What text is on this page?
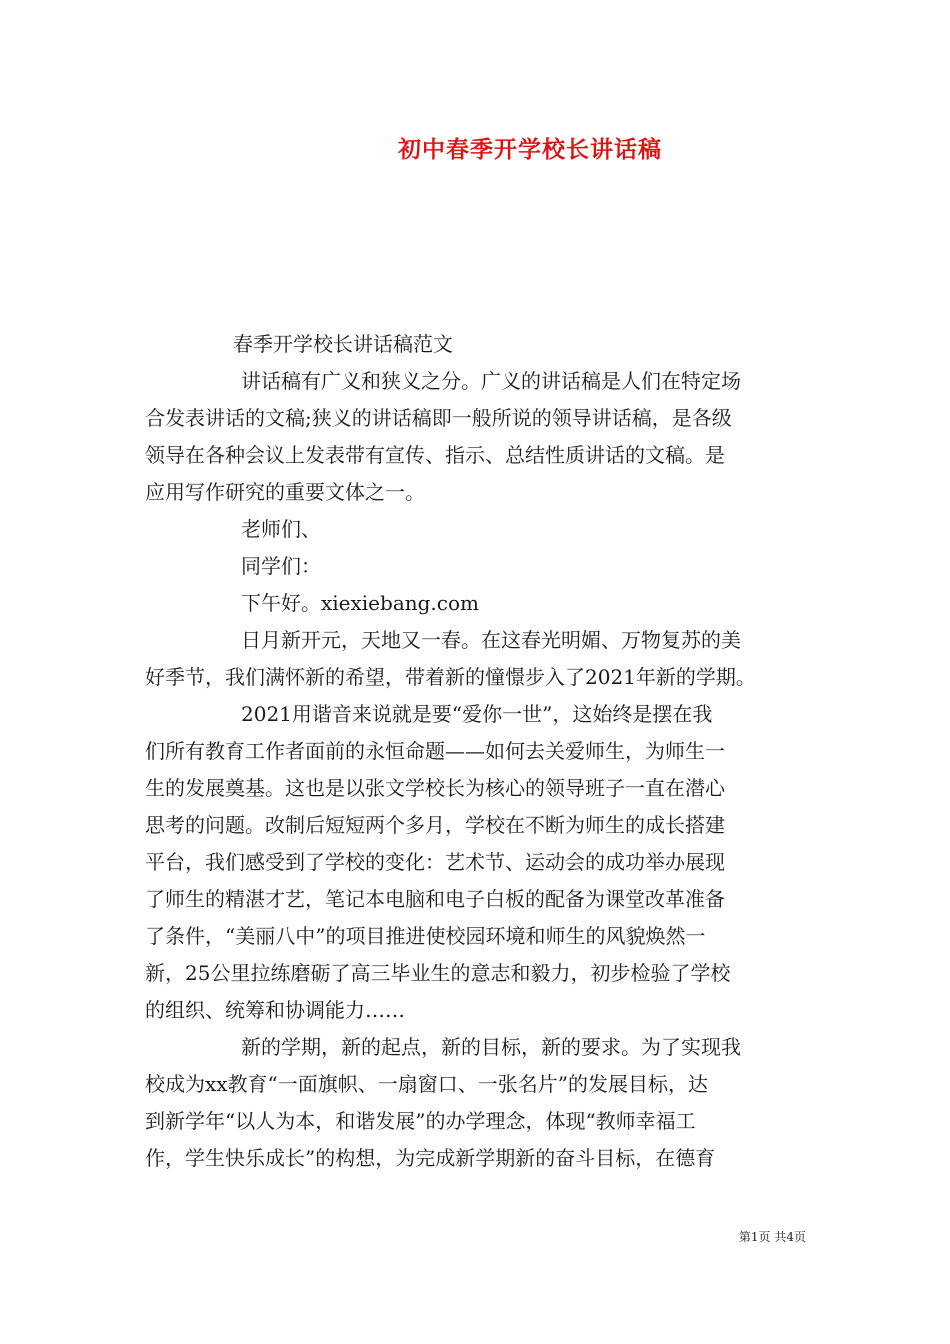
初中春季开学校长讲话稿
春季开学校长讲话稿范文
讲话稿有广义和狭义之分。广义的讲话稿是人们在特定场
合发表讲话的文稿;狭义的讲话稿即一般所说的领导讲话稿，是各级
领导在各种会议上发表带有宣传、指示、总结性质讲话的文稿。是
应用写作研究的重要文体之一。
老师们、
同学们：
下午好。xiexiebang.com
日月新开元，天地又一春。在这春光明媚、万物复苏的美
好季节，我们满怀新的希望，带着新的憧憬步入了2021年新的学期。
2021用谐音来说就是要“爱你一世”，这始终是摆在我
们所有教育工作者面前的永恒命题——如何去关爱师生，为师生一
生的发展奠基。这也是以张文学校长为核心的领导班子一直在潜心
思考的问题。改制后短短两个多月，学校在不断为师生的成长搭建
平台，我们感受到了学校的变化：艺术节、运动会的成功举办展现
了师生的精湛才艺，笔记本电脑和电子白板的配备为课堂改革准备
了条件，“美丽八中”的项目推进使校园环境和师生的风貌焕然一
新，25公里拉练磨砺了高三毕业生的意志和毅力，初步检验了学校
的组织、统筹和协调能力……
新的学期，新的起点，新的目标，新的要求。为了实现我
校成为xx教育“一面旗帜、一扇窗口、一张名片”的发展目标，达
到新学年“以人为本，和谐发展”的办学理念，体现“教师幸福工
作，学生快乐成长”的构想，为完成新学期新的奋斗目标，在德育
第1页 共4页
